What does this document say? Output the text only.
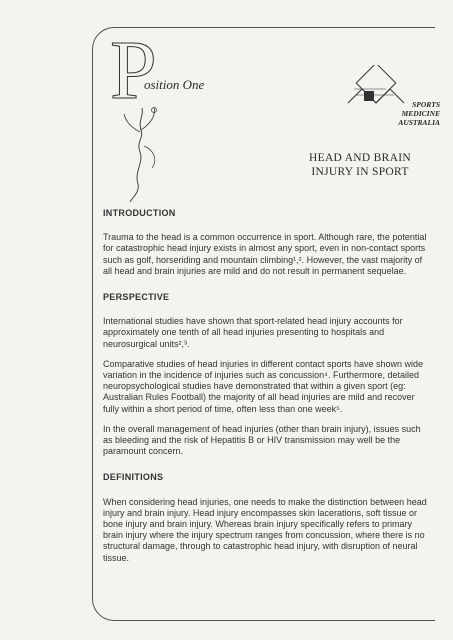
P
osition One
SPORTS
MEDICINE
AUSTRALIA
HEAD AND BRAIN
INJURY IN SPORT
INTRODUCTION
Trauma to the head is a common occurrence in sport. Although rare, the potential for catastrophic head injury exists in almost any sport, even in non-contact sports such as golf, horseriding and mountain climbing¹,². However, the vast majority of all head and brain injuries are mild and do not result in permanent sequelae.
PERSPECTIVE
International studies have shown that sport-related head injury accounts for approximately one tenth of all head injuries presenting to hospitals and neurosurgical units²,³.
Comparative studies of head injuries in different contact sports have shown wide variation in the incidence of injuries such as concussion⁴. Furthermore, detailed neuropsychological studies have demonstrated that within a given sport (eg: Australian Rules Football) the majority of all head injuries are mild and recover fully within a short period of time, often less than one week⁵.
In the overall management of head injuries (other than brain injury), issues such as bleeding and the risk of Hepatitis B or HIV transmission may well be the paramount concern.
DEFINITIONS
When considering head injuries, one needs to make the distinction between head injury and brain injury. Head injury encompasses skin lacerations, soft tissue or bone injury and brain injury. Whereas brain injury specifically refers to primary brain injury where the injury spectrum ranges from concussion, where there is no structural damage, through to catastrophic head injury, with disruption of neural tissue.
